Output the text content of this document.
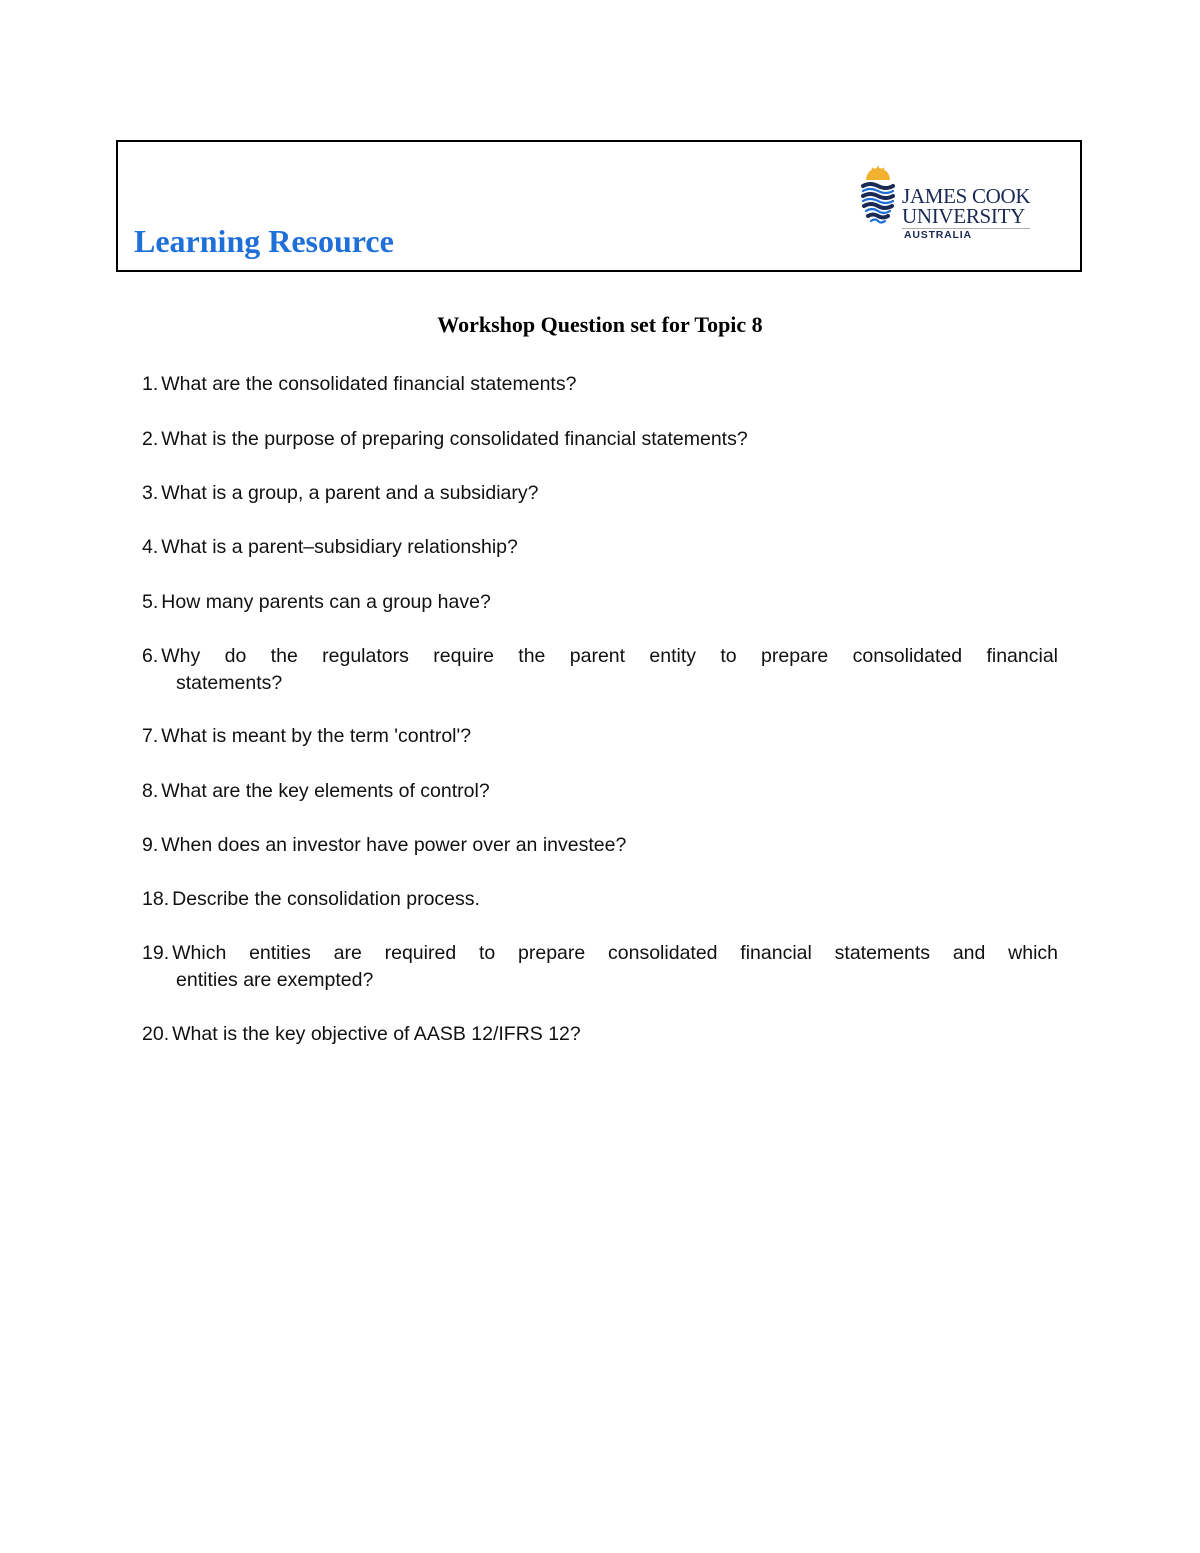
Learning Resource
JAMES COOK
UNIVERSITY
AUSTRALIA
Workshop Question set for Topic 8
1. What are the consolidated financial statements?
2. What is the purpose of preparing consolidated financial statements?
3. What is a group, a parent and a subsidiary?
4. What is a parent–subsidiary relationship?
5. How many parents can a group have?
6. Why do the regulators require the parent entity to prepare consolidated financial
statements?
7. What is meant by the term 'control'?
8. What are the key elements of control?
9. When does an investor have power over an investee?
18. Describe the consolidation process.
19. Which entities are required to prepare consolidated financial statements and which
entities are exempted?
20. What is the key objective of AASB 12/IFRS 12?
